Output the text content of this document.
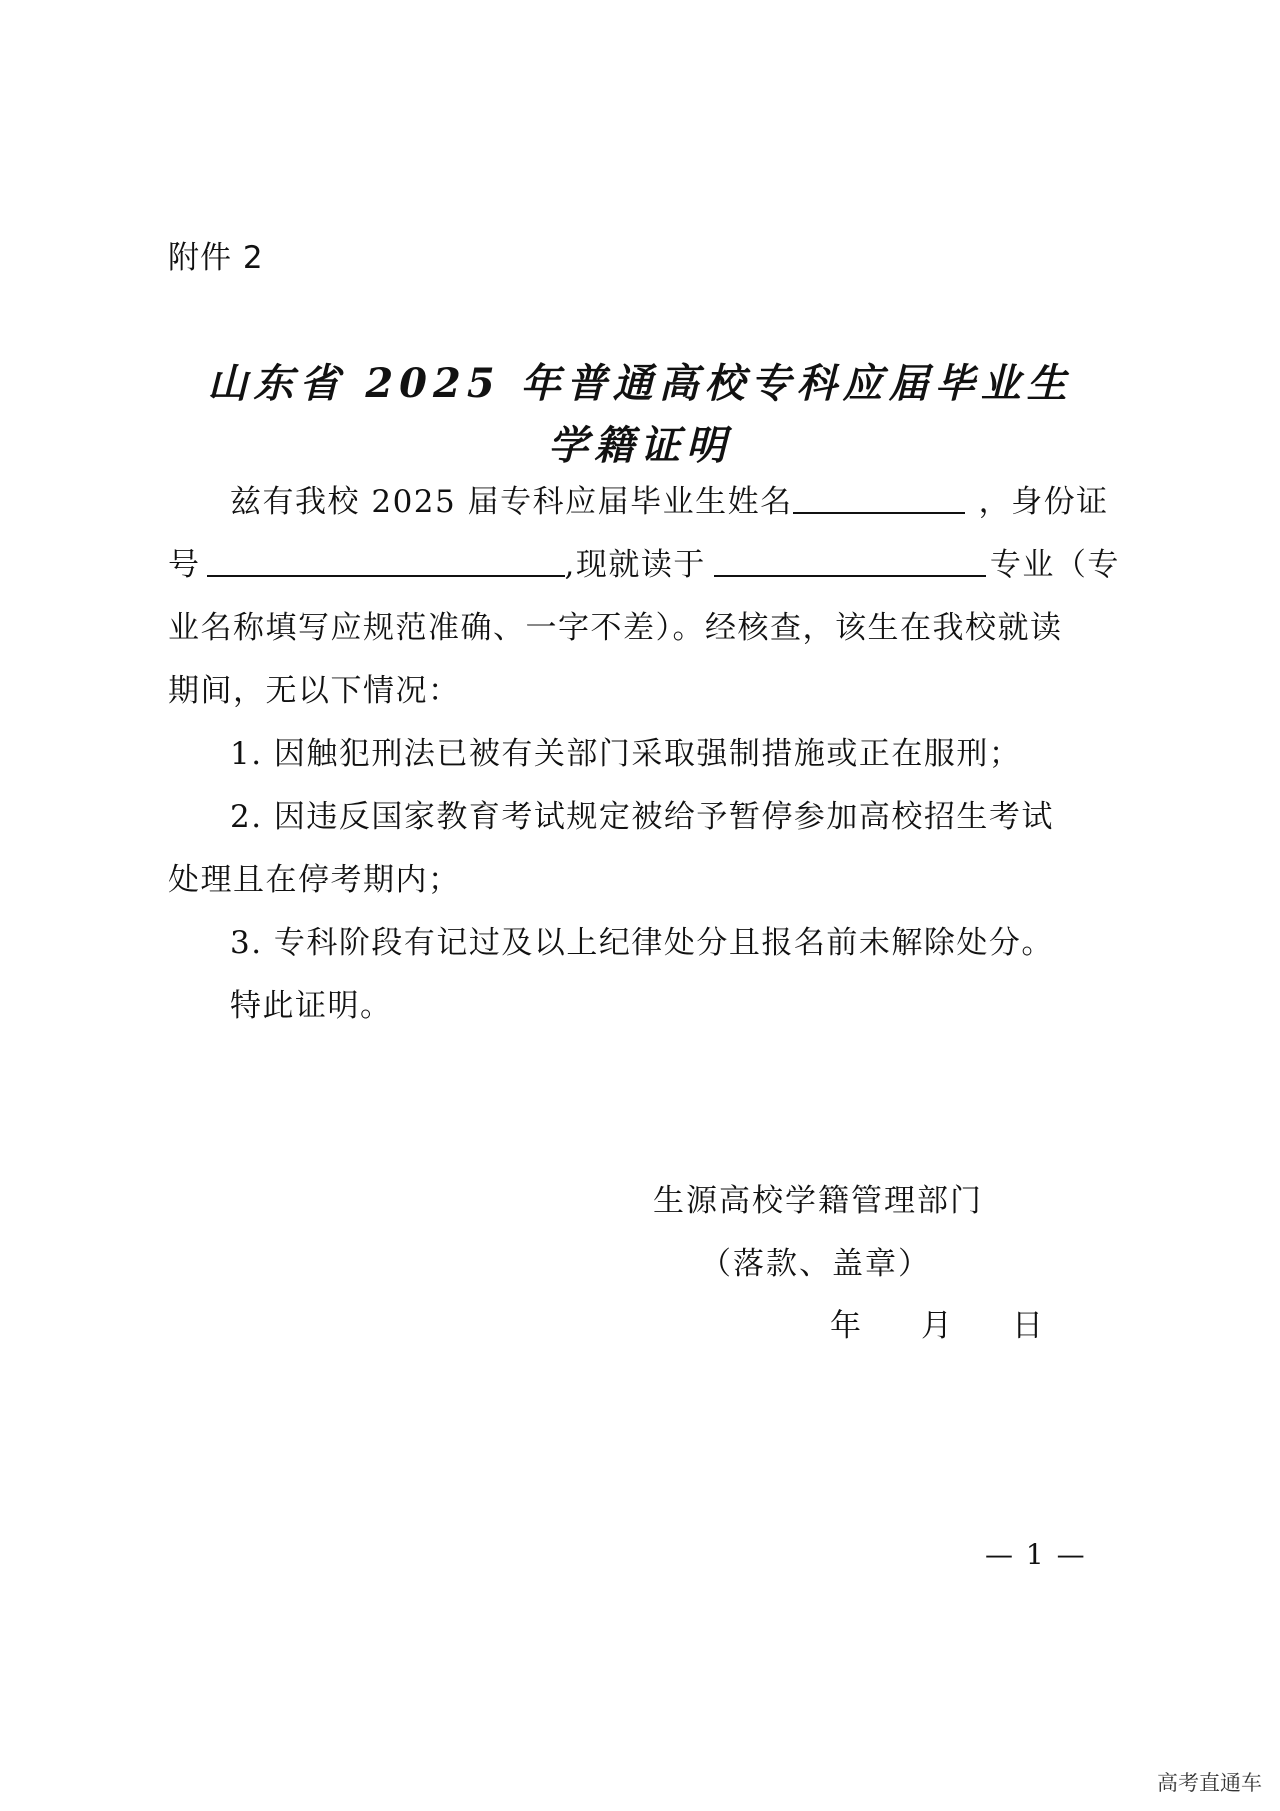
附件 2
山东省 2025 年普通高校专科应届毕业生
学籍证明
兹有我校 2025 届专科应届毕业生姓名	，身份证
号	,现就读于	专业（专
业名称填写应规范准确、一字不差）。经核查，该生在我校就读
期间，无以下情况：
1. 因触犯刑法已被有关部门采取强制措施或正在服刑；
2. 因违反国家教育考试规定被给予暂停参加高校招生考试
处理且在停考期内；
3. 专科阶段有记过及以上纪律处分且报名前未解除处分。
特此证明。
生源高校学籍管理部门
（落款、盖章）
年 月 日
— 1 —
高考直通车
